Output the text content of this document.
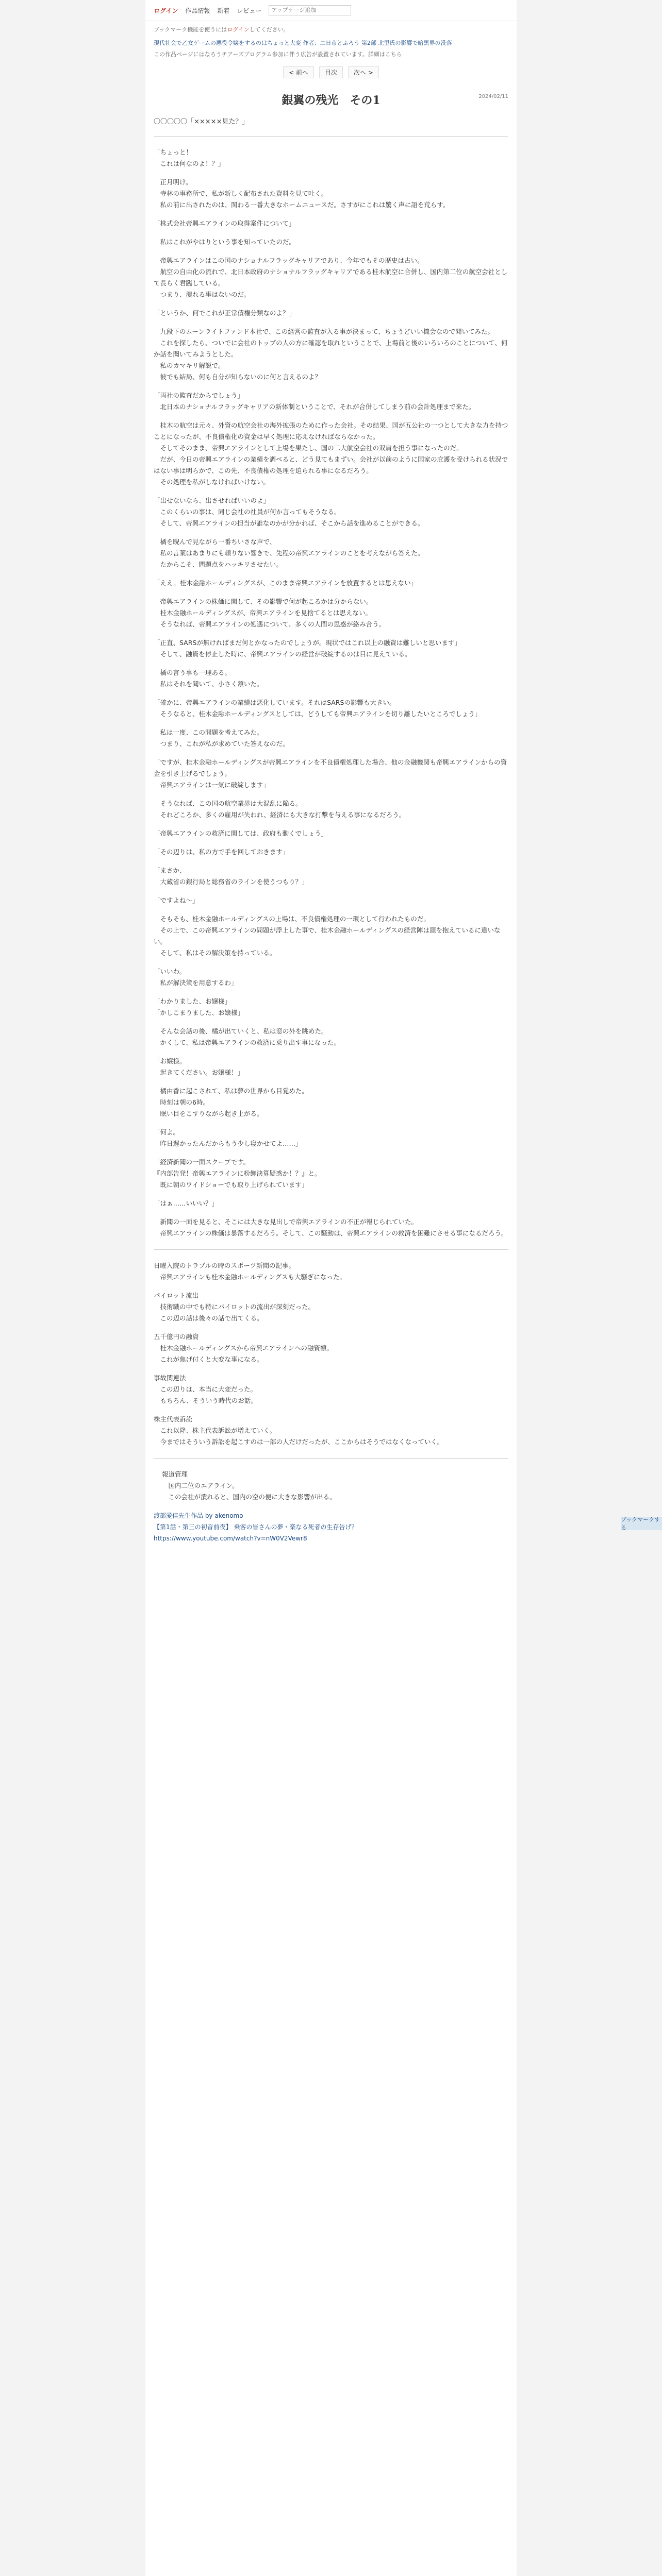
ログイン 作品情報 新着 レビュー
アップテージ追加
ブックマーク機能を使うにはログインしてください。
現代社会で乙女ゲームの悪役令嬢をするのはちょっと大変 作者：二日市とふろう 第2部 北里氏の影響で暗黒界の没落
この作品ページにはなろうチアーズプログラム参加に伴う広告が設置されています。詳細はこちら
< 前へ	目次	次へ >
2024/02/11
銀翼の残光　その1
〇〇〇〇〇「×××××見た？」
「ちょっと！
　これは何なのよ！？」
　正月明け。
　寺林の事務所で、私が新しく配布された資料を見て吐く。
　私の前に出されたのは、関わる一番大きなホームニュースだ。さすがにこれは驚く声に語を荒らす。
「株式会社帝興エアラインの取得案件について」
　私はこれがやはりという事を知っていたのだ。
　帝興エアラインはこの国のナショナルフラッグキャリアであり、今年でもその歴史は古い。
　航空の自由化の流れで、北日本政府のナショナルフラッグキャリアである桂木航空に合併し、国内第二位の航空会社として長らく君臨している。
　つまり、潰れる事はないのだ。
「というか、何でこれが正常債権分類なのよ？」
　九段下のムーンライトファンド本社で、この経営の監査が入る事が決まって、ちょうどいい機会なので聞いてみた。
　これを探したら、ついでに会社のトップの人の方に確認を取れということで、上場前と後のいろいろのことについて、何か話を聞いてみようとした。
　私のカマキリ解説で。
　彼でも結局、何も自分が知らないのに何と言えるのよ？
「両社の監査だからでしょう」
　北日本のナショナルフラッグキャリアの新体制ということで、それが合併してしまう前の会計処理まで来た。
　桂木の航空は元々、外資の航空会社の海外拡張のために作った会社。その結果、国が五公社の一つとして大きな力を持つことになったが、不良債権化の資金は早く処理に応えなければならなかった。
　そしてそのまま、帝興エアラインとして上場を果たし、国の二大航空会社の双肩を担う事になったのだ。
　だが、今日の帝興エアラインの業績を調べると、どう見てもまずい。会社が以前のように国家の庇護を受けられる状況ではない事は明らかで、この先、不良債権の処理を迫られる事になるだろう。
　その処理を私がしなければいけない。
「出せないなら、出させればいいのよ」
　このくらいの事は、同じ会社の社員が何か言ってもそうなる。
　そして、帝興エアラインの担当が誰なのかが分かれば、そこから話を進めることができる。
　橘を睨んで見ながら一番ちいさな声で、
　私の言葉はあまりにも頼りない響きで、先程の帝興エアラインのことを考えながら答えた。
　たからこそ、問題点をハッキリさせたい。
「ええ。桂木金融ホールディングスが、このまま帝興エアラインを放置するとは思えない」
　帝興エアラインの株価に関して、その影響で何が起こるかは分からない。
　桂木金融ホールディングスが、帝興エアラインを見捨てるとは思えない。
　そうなれば、帝興エアラインの処遇について、多くの人間の思惑が絡み合う。
「正直、SARSが無ければまだ何とかなったのでしょうが。現状ではこれ以上の融資は難しいと思います」
　そして、融資を停止した時に、帝興エアラインの経営が破綻するのは目に見えている。
　橘の言う事も一理ある。
　私はそれを聞いて、小さく頷いた。
「確かに、帝興エアラインの業績は悪化しています。それはSARSの影響も大きい。
　そうなると、桂木金融ホールディングスとしては、どうしても帝興エアラインを切り離したいところでしょう」
　私は一度、この問題を考えてみた。
　つまり、これが私が求めていた答えなのだ。
「ですが、桂木金融ホールディングスが帝興エアラインを不良債権処理した場合、他の金融機関も帝興エアラインからの資金を引き上げるでしょう。
　帝興エアラインは一気に破綻します」
　そうなれば、この国の航空業界は大混乱に陥る。
　それどころか、多くの雇用が失われ、経済にも大きな打撃を与える事になるだろう。
「帝興エアラインの救済に関しては、政府も動くでしょう」
「その辺りは、私の方で手を回しておきます」
「まさか、
　大蔵省の銀行局と総務省のラインを使うつもり？」
「ですよね～」
　そもそも、桂木金融ホールディングスの上場は、不良債権処理の一環として行われたものだ。
　その上で、この帝興エアラインの問題が浮上した事で、桂木金融ホールディングスの経営陣は頭を抱えているに違いない。
　そして、私はその解決策を持っている。
「いいわ。
　私が解決策を用意するわ」
「わかりました、お嬢様」
「かしこまりました、お嬢様」
　そんな会話の後、橘が出ていくと、私は窓の外を眺めた。
　かくして、私は帝興エアラインの救済に乗り出す事になった。
「お嬢様。
　起きてください。お嬢様！」
　橘由香に起こされて、私は夢の世界から目覚めた。
　時刻は朝の6時。
　眠い目をこすりながら起き上がる。
「何よ。
　昨日遅かったんだからもう少し寝かせてよ……」
「経済新聞の一面スクープです。
『内部告発！帝興エアラインに粉飾決算疑惑か！？』と。
　既に朝のワイドショーでも取り上げられています」
「はぁ……いいい？」
　新聞の一面を見ると、そこには大きな見出しで帝興エアラインの不正が報じられていた。
　帝興エアラインの株価は暴落するだろう。そして、この騒動は、帝興エアラインの救済を困難にさせる事になるだろう。
日曜入院のトラブルの時のスポーツ新聞の記事。
　帝興エアラインも桂木金融ホールディングスも大騒ぎになった。
パイロット流出
　技術職の中でも特にパイロットの流出が深刻だった。
　この辺の話は後々の話で出てくる。
五千億円の融資
　桂木金融ホールディングスから帝興エアラインへの融資額。
　これが焦げ付くと大変な事になる。
事故関連法
　この辺りは、本当に大変だった。
　もちろん、そういう時代のお話。
株主代表訴訟
　これ以降、株主代表訴訟が増えていく。
　今まではそういう訴訟を起こすのは一部の人だけだったが、ここからはそうではなくなっていく。
報道管理
　国内二位のエアライン。
　この会社が潰れると、国内の空の便に大きな影響が出る。
渡部愛佳先生作品 by akenomo
【第1話・第三の初音前夜】 乗客の皆さんの夢・楽なる死者の生存告げ？
https://www.youtube.com/watch?v=nW0V2Vewr8
ブックマークする
